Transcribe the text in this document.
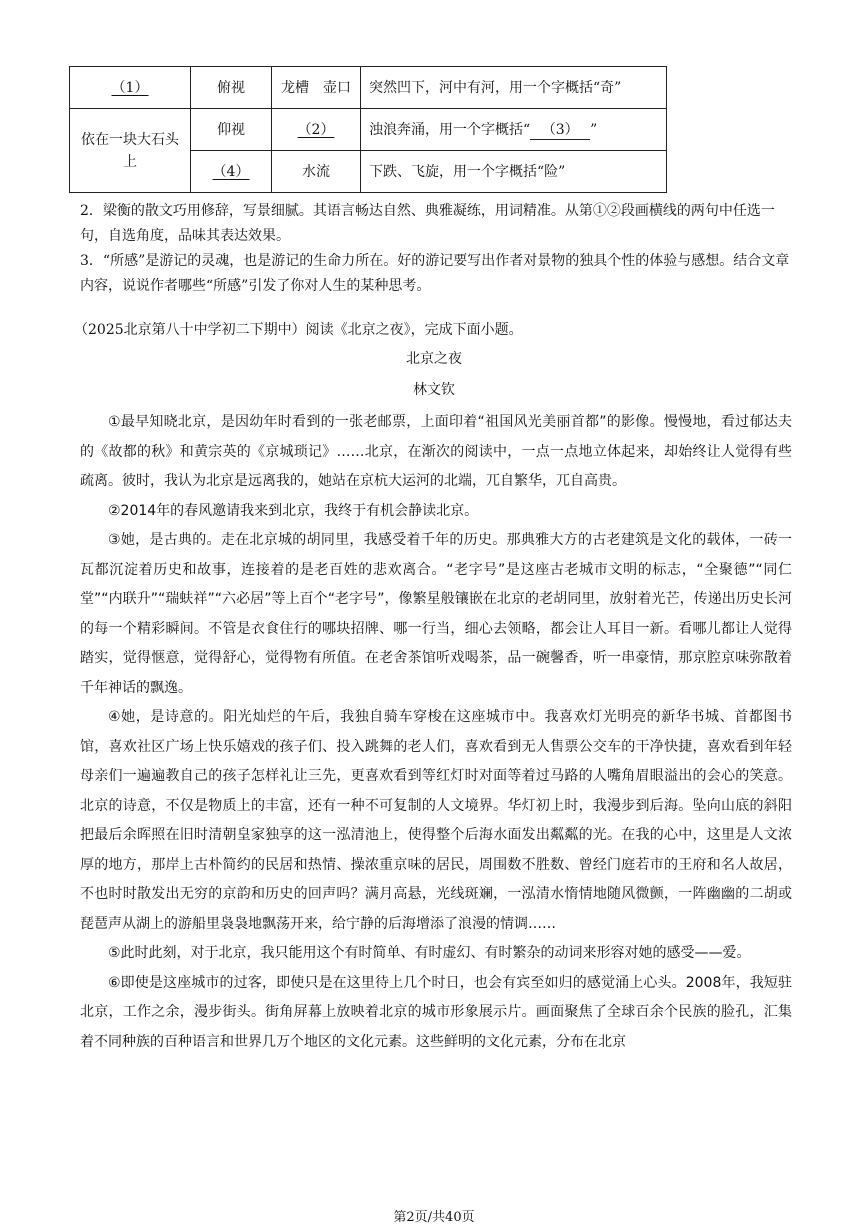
（1）	俯视	龙槽　壶口	突然凹下，河中有河，用一个字概括“奇”
依在一块大石头上	仰视	（2）	浊浪奔涌，用一个字概括“ （3） ”
	（4）	水流	下跌、飞旋，用一个字概括“险”

2．梁衡的散文巧用修辞，写景细腻。其语言畅达自然、典雅凝练，用词精准。从第①②段画横线的两句中任选一句，自选角度，品味其表达效果。

3．“所感”是游记的灵魂，也是游记的生命力所在。好的游记要写出作者对景物的独具个性的体验与感想。结合文章内容，说说作者哪些“所感”引发了你对人生的某种思考。

（2025北京第八十中学初二下期中）阅读《北京之夜》，完成下面小题。

北京之夜
林文钦

①最早知晓北京，是因幼年时看到的一张老邮票，上面印着“祖国风光美丽首都”的影像。慢慢地，看过郁达夫的《故都的秋》和黄宗英的《京城琐记》……北京，在渐次的阅读中，一点一点地立体起来，却始终让人觉得有些疏离。彼时，我认为北京是远离我的，她站在京杭大运河的北端，兀自繁华，兀自高贵。

②2014年的春风邀请我来到北京，我终于有机会静读北京。

③她，是古典的。走在北京城的胡同里，我感受着千年的历史。那典雅大方的古老建筑是文化的载体，一砖一瓦都沉淀着历史和故事，连接着的是老百姓的悲欢离合。“老字号”是这座古老城市文明的标志，“全聚德”“同仁堂”“内联升”“瑞蚨祥”“六必居”等上百个“老字号”，像繁星般镶嵌在北京的老胡同里，放射着光芒，传递出历史长河的每一个精彩瞬间。不管是衣食住行的哪块招牌、哪一行当，细心去领略，都会让人耳目一新。看哪儿都让人觉得踏实，觉得惬意，觉得舒心，觉得物有所值。在老舍茶馆听戏喝茶，品一碗馨香，听一串豪情，那京腔京味弥散着千年神话的飘逸。

④她，是诗意的。阳光灿烂的午后，我独自骑车穿梭在这座城市中。我喜欢灯光明亮的新华书城、首都图书馆，喜欢社区广场上快乐嬉戏的孩子们、投入跳舞的老人们，喜欢看到无人售票公交车的干净快捷，喜欢看到年轻母亲们一遍遍教自己的孩子怎样礼让三先，更喜欢看到等红灯时对面等着过马路的人嘴角眉眼溢出的会心的笑意。北京的诗意，不仅是物质上的丰富，还有一种不可复制的人文境界。华灯初上时，我漫步到后海。坠向山底的斜阳把最后余晖照在旧时清朝皇家独享的这一泓清池上，使得整个后海水面发出粼粼的光。在我的心中，这里是人文浓厚的地方，那岸上古朴简约的民居和热情、操浓重京味的居民，周围数不胜数、曾经门庭若市的王府和名人故居，不也时时散发出无穷的京韵和历史的回声吗？满月高悬，光线斑斓，一泓清水惰情地随风微颤，一阵幽幽的二胡或琵琶声从湖上的游船里袅袅地飘荡开来，给宁静的后海增添了浪漫的情调……

⑤此时此刻，对于北京，我只能用这个有时简单、有时虚幻、有时繁杂的动词来形容对她的感受——爱。

⑥即使是这座城市的过客，即使只是在这里待上几个时日，也会有宾至如归的感觉涌上心头。2008年，我短驻北京，工作之余，漫步街头。街角屏幕上放映着北京的城市形象展示片。画面聚焦了全球百余个民族的脸孔，汇集着不同种族的百种语言和世界几万个地区的文化元素。这些鲜明的文化元素，分布在北京

第2页/共40页
